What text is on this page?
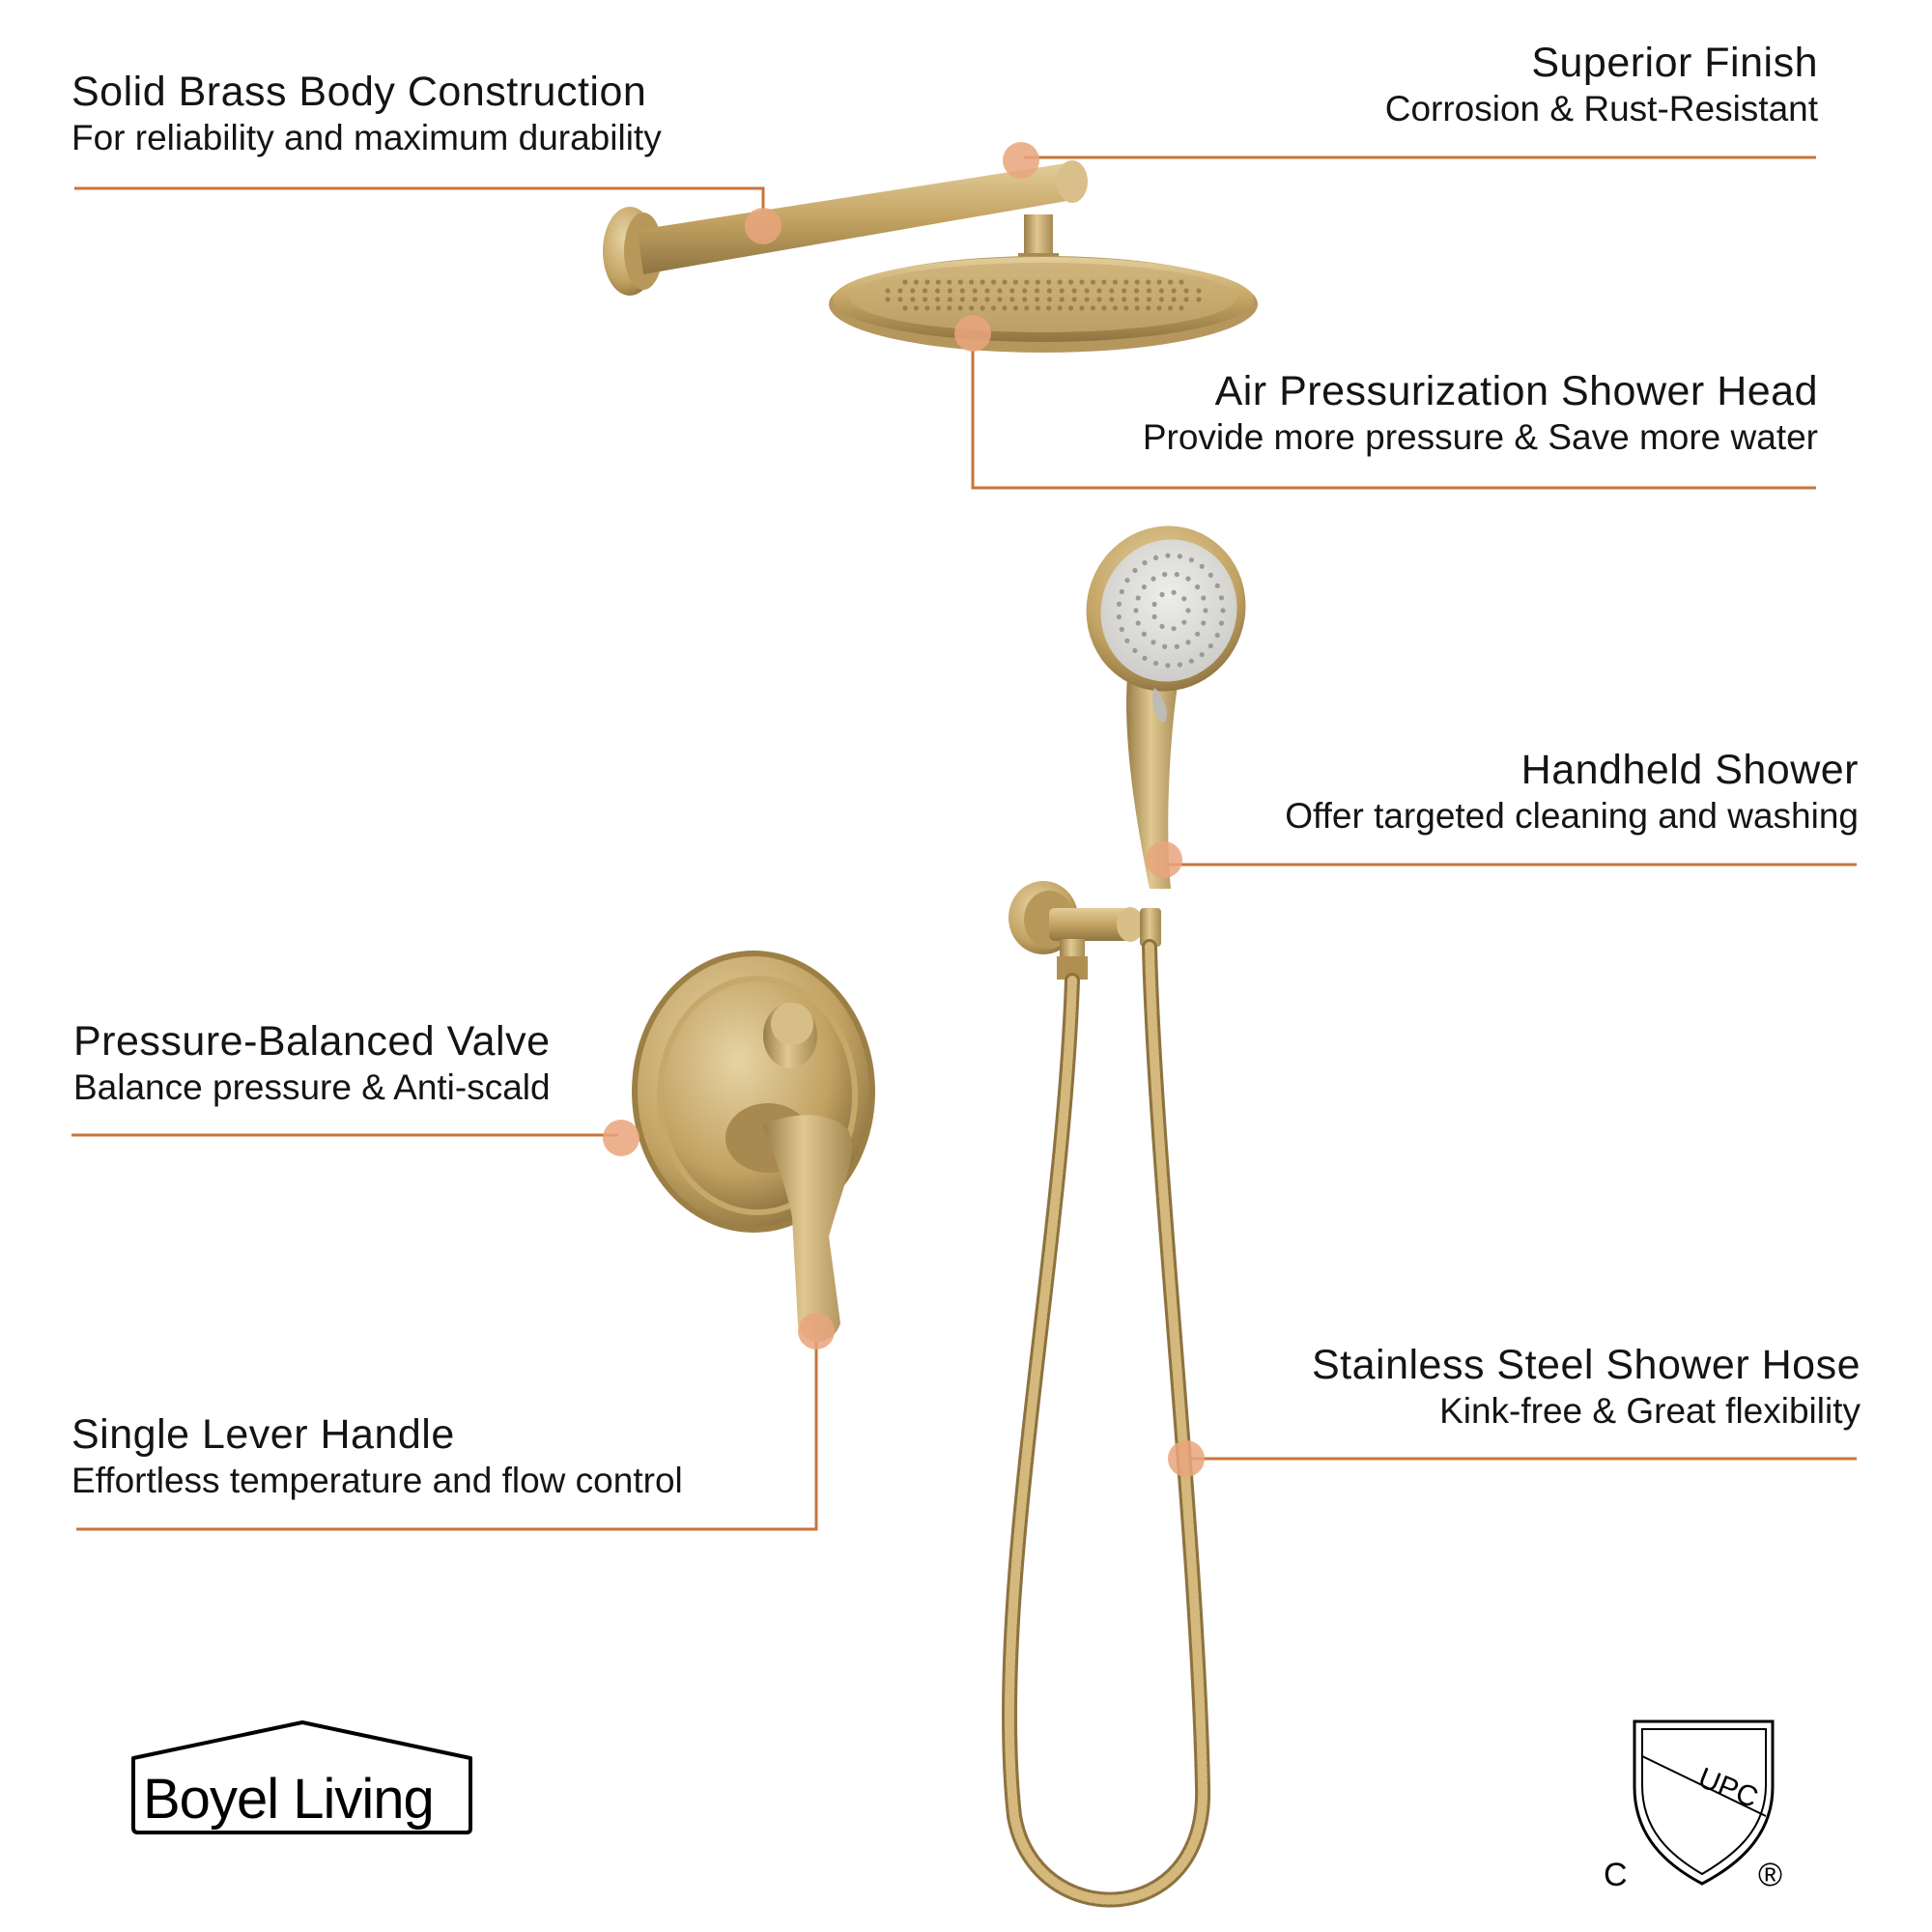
Solid Brass Body Construction
For reliability and maximum durability
Superior Finish
Corrosion & Rust-Resistant
Air Pressurization Shower Head
Provide more pressure & Save more water
Handheld Shower
Offer targeted cleaning and washing
Pressure-Balanced Valve
Balance pressure & Anti-scald
Stainless Steel Shower Hose
Kink-free & Great flexibility
Single Lever Handle
Effortless temperature and flow control
Boyel Living	UPC
C	®
